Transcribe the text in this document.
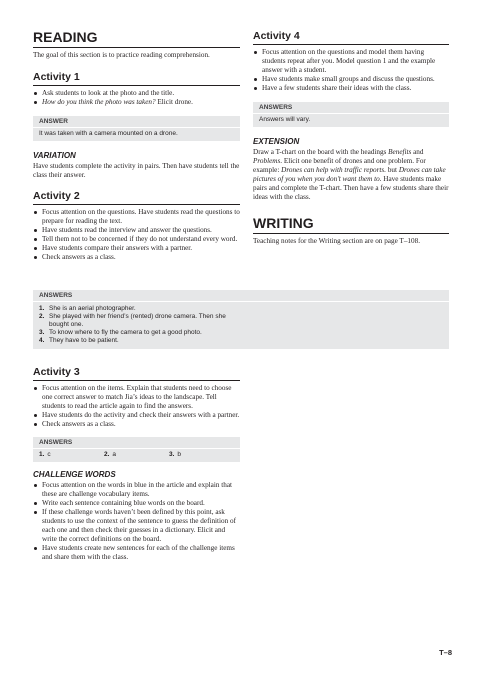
READING

The goal of this section is to practice reading comprehension.

Activity 1
Ask students to look at the photo and the title.
How do you think the photo was taken? Elicit drone.
ANSWER
It was taken with a camera mounted on a drone.
VARIATION

Have students complete the activity in pairs. Then have students tell the class their answer.

Activity 2
Focus attention on the questions. Have students read the questions to prepare for reading the text.
Have students read the interview and answer the questions.
Tell them not to be concerned if they do not understand every word.
Have students compare their answers with a partner.
Check answers as a class.
ANSWERS
1. She is an aerial photographer.
2. She played with her friend’s (rented) drone camera. Then she bought one.
3. To know where to fly the camera to get a good photo.
4. They have to be patient.
Activity 3
Focus attention on the items. Explain that students need to choose one correct answer to match Jia’s ideas to the landscape. Tell students to read the article again to find the answers.
Have students do the activity and check their answers with a partner.
Check answers as a class.
ANSWERS
1. c	2. a	3. b
CHALLENGE WORDS
Focus attention on the words in blue in the article and explain that these are challenge vocabulary items.
Write each sentence containing blue words on the board.
If these challenge words haven’t been defined by this point, ask students to use the context of the sentence to guess the definition of each one and then check their guesses in a dictionary. Elicit and write the correct definitions on the board.
Have students create new sentences for each of the challenge items and share them with the class.
Activity 4
Focus attention on the questions and model them having students repeat after you. Model question 1 and the example answer with a student.
Have students make small groups and discuss the questions.
Have a few students share their ideas with the class.
ANSWERS
Answers will vary.
EXTENSION

Draw a T-chart on the board with the headings Benefits and Problems. Elicit one benefit of drones and one problem. For example: Drones can help with traffic reports. but Drones can take pictures of you when you don’t want them to. Have students make pairs and complete the T-chart. Then have a few students share their ideas with the class.

WRITING

Teaching notes for the Writing section are on page T–108.

T–8
